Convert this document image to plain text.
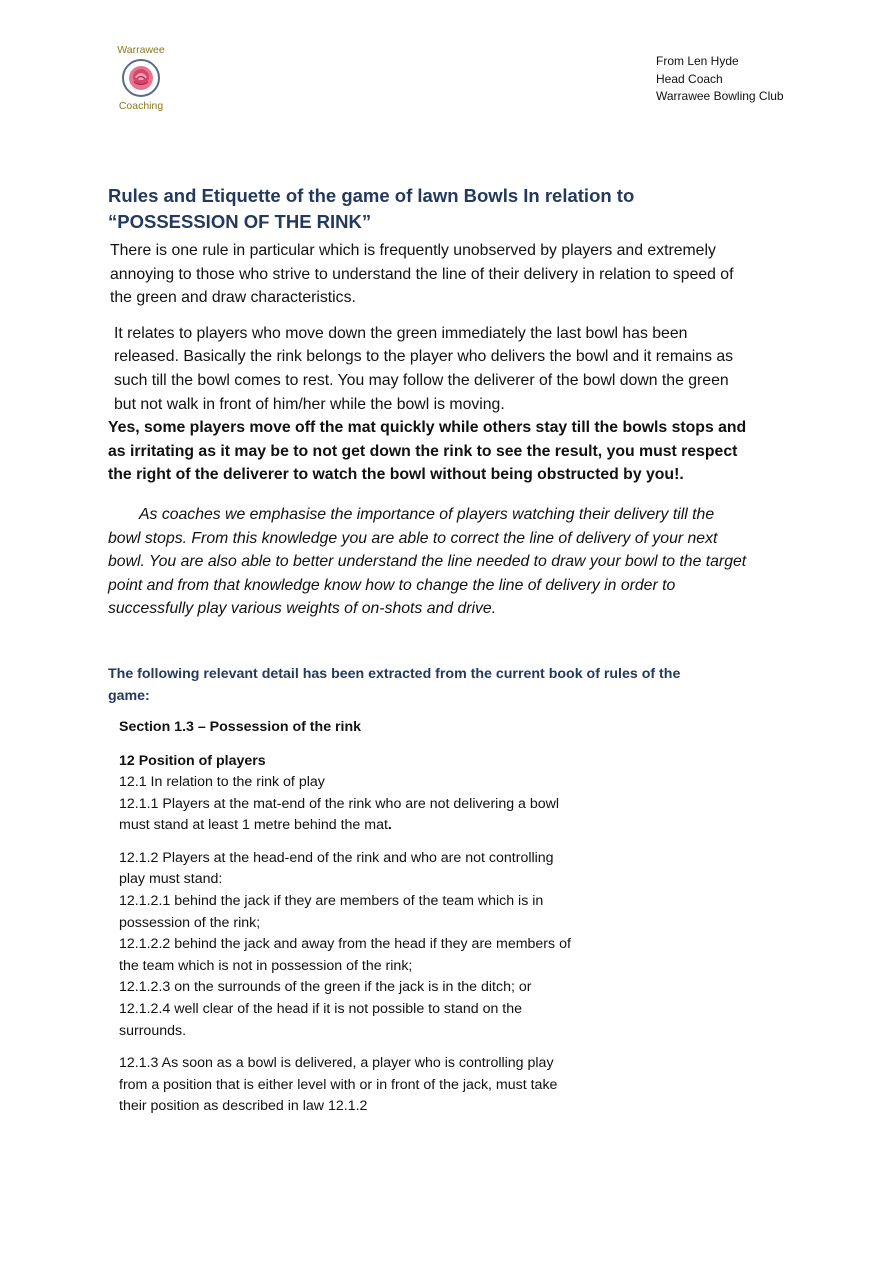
Warrawee
Coaching
From Len Hyde
Head Coach
Warrawee Bowling Club
Rules and Etiquette of the game of lawn Bowls In relation to
“POSSESSION OF THE RINK”

There is one rule in particular which is frequently unobserved by players and extremely annoying to those who strive to understand the line of their delivery in relation to speed of the green and draw characteristics.

It relates to players who move down the green immediately the last bowl has been released. Basically the rink belongs to the player who delivers the bowl and it remains as such till the bowl comes to rest. You may follow the deliverer of the bowl down the green but not walk in front of him/her while the bowl is moving.

Yes, some players move off the mat quickly while others stay till the bowls stops and as irritating as it may be to not get down the rink to see the result, you must respect the right of the deliverer to watch the bowl without being obstructed by you!.

As coaches we emphasise the importance of players watching their delivery till the bowl stops. From this knowledge you are able to correct the line of delivery of your next bowl. You are also able to better understand the line needed to draw your bowl to the target point and from that knowledge know how to change the line of delivery in order to successfully play various weights of on-shots and drive.

The following relevant detail has been extracted from the current book of rules of the game:

Section 1.3 – Possession of the rink
12 Position of players
12.1 In relation to the rink of play
12.1.1 Players at the mat-end of the rink who are not delivering a bowl must stand at least 1 metre behind the mat.
12.1.2 Players at the head-end of the rink and who are not controlling play must stand:
12.1.2.1 behind the jack if they are members of the team which is in possession of the rink;
12.1.2.2 behind the jack and away from the head if they are members of the team which is not in possession of the rink;
12.1.2.3 on the surrounds of the green if the jack is in the ditch; or
12.1.2.4 well clear of the head if it is not possible to stand on the surrounds.
12.1.3 As soon as a bowl is delivered, a player who is controlling play from a position that is either level with or in front of the jack, must take their position as described in law 12.1.2
